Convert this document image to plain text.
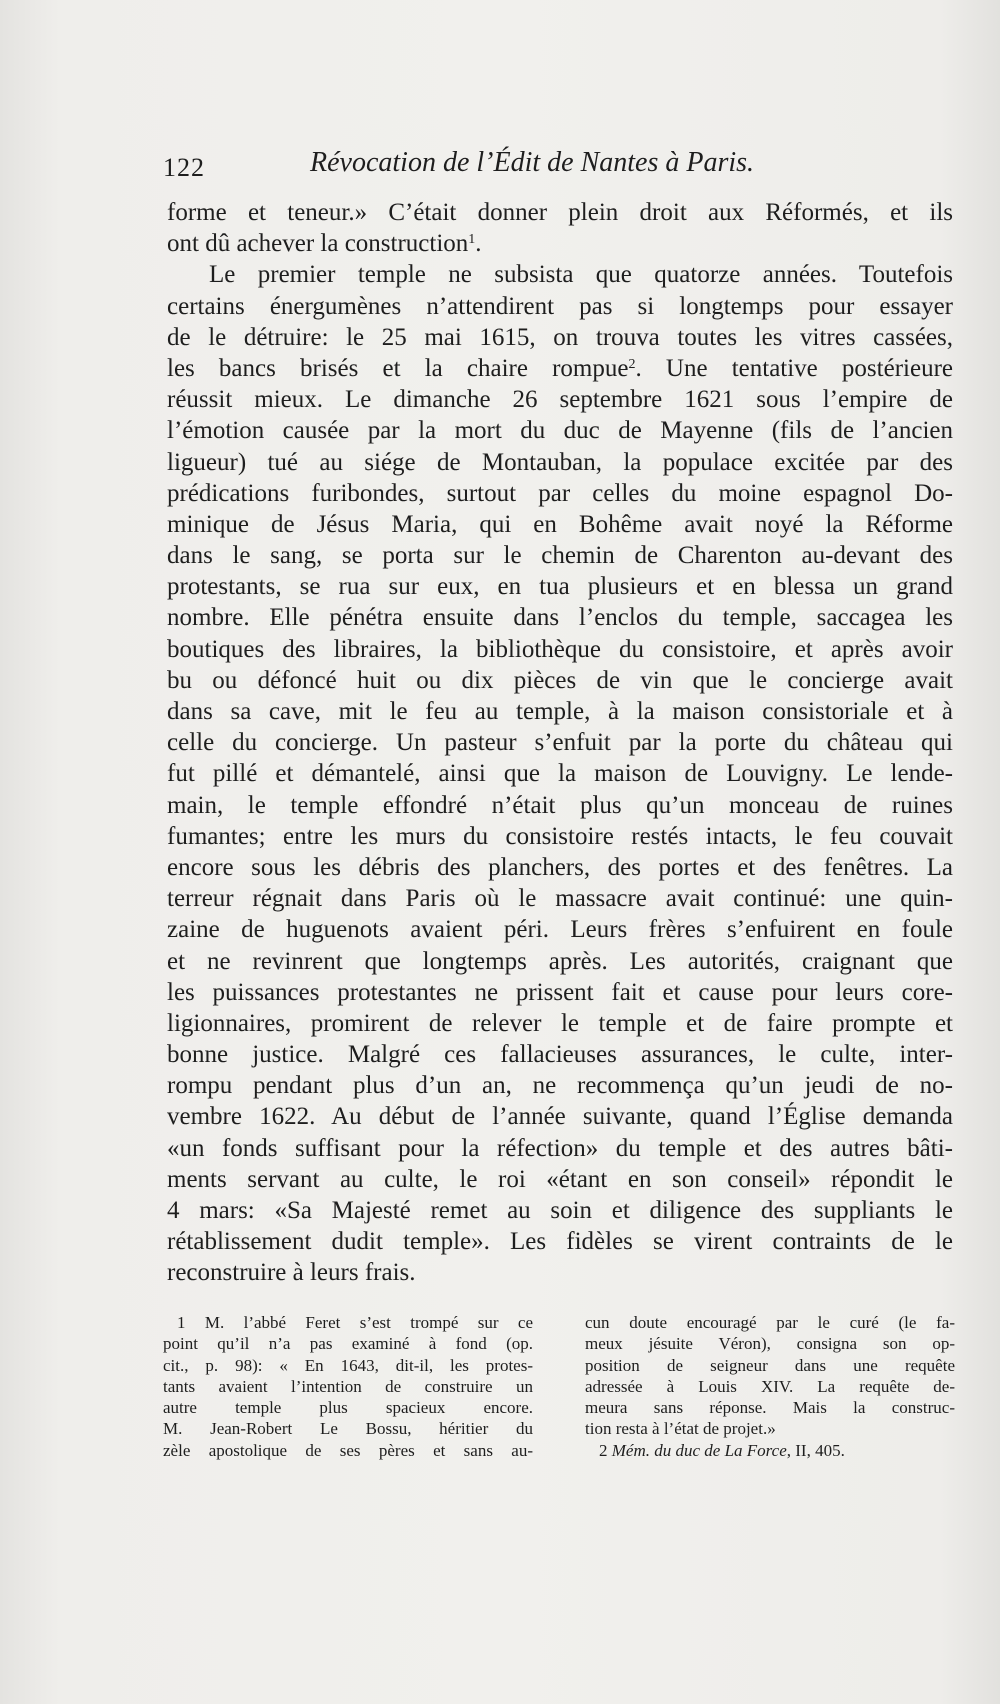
122	Révocation de l’Édit de Nantes à Paris.
forme et teneur.» C’était donner plein droit aux Réformés, et ils
ont dû achever la construction$^1$.
Le premier temple ne subsista que quatorze années. Toutefois
certains énergumènes n’attendirent pas si longtemps pour essayer
de le détruire: le 25 mai 1615, on trouva toutes les vitres cassées,
les bancs brisés et la chaire rompue$^2$. Une tentative postérieure
réussit mieux. Le dimanche 26 septembre 1621 sous l’empire de
l’émotion causée par la mort du duc de Mayenne (fils de l’ancien
ligueur) tué au siége de Montauban, la populace excitée par des
prédications furibondes, surtout par celles du moine espagnol Do-
minique de Jésus Maria, qui en Bohême avait noyé la Réforme
dans le sang, se porta sur le chemin de Charenton au-devant des
protestants, se rua sur eux, en tua plusieurs et en blessa un grand
nombre. Elle pénétra ensuite dans l’enclos du temple, saccagea les
boutiques des libraires, la bibliothèque du consistoire, et après avoir
bu ou défoncé huit ou dix pièces de vin que le concierge avait
dans sa cave, mit le feu au temple, à la maison consistoriale et à
celle du concierge. Un pasteur s’enfuit par la porte du château qui
fut pillé et démantelé, ainsi que la maison de Louvigny. Le lende-
main, le temple effondré n’était plus qu’un monceau de ruines
fumantes; entre les murs du consistoire restés intacts, le feu couvait
encore sous les débris des planchers, des portes et des fenêtres. La
terreur régnait dans Paris où le massacre avait continué: une quin-
zaine de huguenots avaient péri. Leurs frères s’enfuirent en foule
et ne revinrent que longtemps après. Les autorités, craignant que
les puissances protestantes ne prissent fait et cause pour leurs core-
ligionnaires, promirent de relever le temple et de faire prompte et
bonne justice. Malgré ces fallacieuses assurances, le culte, inter-
rompu pendant plus d’un an, ne recommença qu’un jeudi de no-
vembre 1622. Au début de l’année suivante, quand l’Église demanda
«un fonds suffisant pour la réfection» du temple et des autres bâti-
ments servant au culte, le roi «étant en son conseil» répondit le
4 mars: «Sa Majesté remet au soin et diligence des suppliants le
rétablissement dudit temple». Les fidèles se virent contraints de le
reconstruire à leurs frais.
1 M. l’abbé Feret s’est trompé sur ce
point qu’il n’a pas examiné à fond (op.
cit., p. 98): « En 1643, dit-il, les protes-
tants avaient l’intention de construire un
autre temple plus spacieux encore.
M. Jean-Robert Le Bossu, héritier du
zèle apostolique de ses pères et sans au-
cun doute encouragé par le curé (le fa-
meux jésuite Véron), consigna son op-
position de seigneur dans une requête
adressée à Louis XIV. La requête de-
meura sans réponse. Mais la construc-
tion resta à l’état de projet.»
2 Mém. du duc de La Force, II, 405.
